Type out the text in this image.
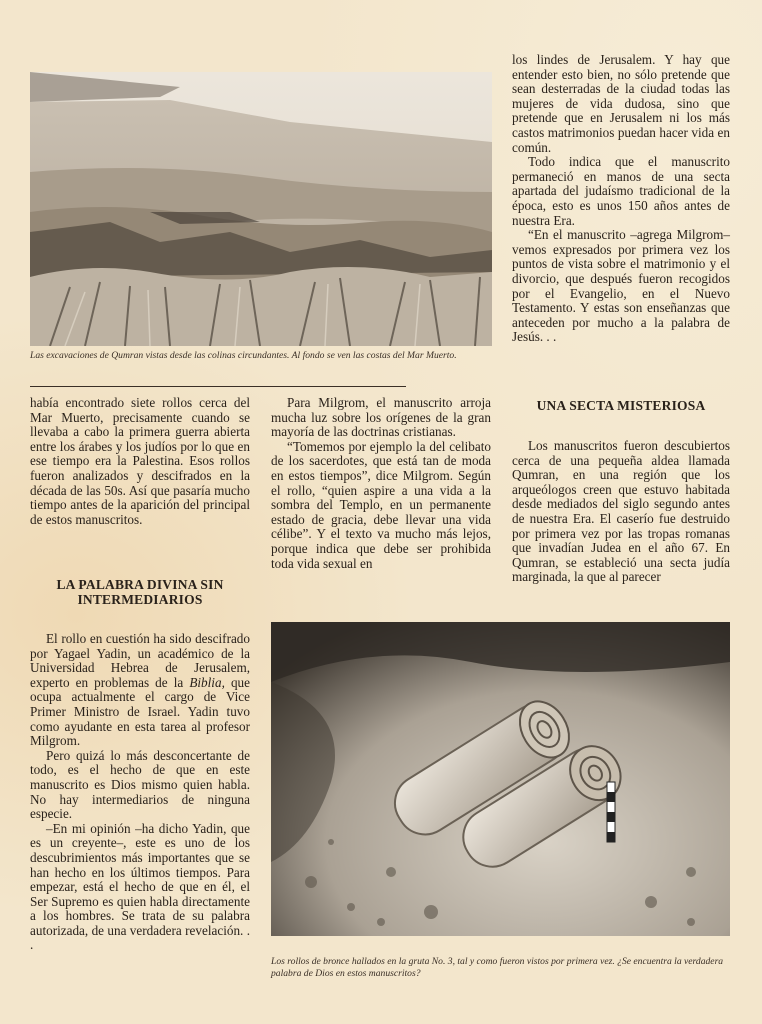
Las excavaciones de Qumran vistas desde las colinas circundantes. Al fondo se ven las costas del Mar Muerto.

los lindes de Jerusalem. Y hay que entender esto bien, no sólo pretende que sean desterradas de la ciudad todas las mujeres de vida dudosa, sino que pretende que en Jerusalem ni los más castos matrimonios puedan hacer vida en común.

Todo indica que el manuscrito permaneció en manos de una secta apartada del judaísmo tradicional de la época, esto es unos 150 años antes de nuestra Era.

“En el manuscrito –agrega Milgrom– vemos expresados por primera vez los puntos de vista sobre el matrimonio y el divorcio, que después fueron recogidos por el Evangelio, en el Nuevo Testamento. Y estas son enseñanzas que anteceden por mucho a la palabra de Jesús. . .

había encontrado siete rollos cerca del Mar Muerto, precisamente cuando se llevaba a cabo la primera guerra abierta entre los árabes y los judíos por lo que en ese tiempo era la Palestina. Esos rollos fueron analizados y descifrados en la década de las 50s. Así que pasaría mucho tiempo antes de la aparición del principal de estos manuscritos.

LA PALABRA DIVINA SIN INTERMEDIARIOS

El rollo en cuestión ha sido descifrado por Yagael Yadin, un académico de la Universidad Hebrea de Jerusalem, experto en problemas de la Biblia, que ocupa actualmente el cargo de Vice Primer Ministro de Israel. Yadin tuvo como ayudante en esta tarea al profesor Milgrom.

Pero quizá lo más desconcertante de todo, es el hecho de que en este manuscrito es Dios mismo quien habla. No hay intermediarios de ninguna especie.

–En mi opinión –ha dicho Yadin, que es un creyente–, este es uno de los descubrimientos más importantes que se han hecho en los últimos tiempos. Para empezar, está el hecho de que en él, el Ser Supremo es quien habla directamente a los hombres. Se trata de su palabra autorizada, de una verdadera revelación. . .

Para Milgrom, el manuscrito arroja mucha luz sobre los orígenes de la gran mayoría de las doctrinas cristianas.

“Tomemos por ejemplo la del celibato de los sacerdotes, que está tan de moda en estos tiempos”, dice Milgrom. Según el rollo, “quien aspire a una vida a la sombra del Templo, en un permanente estado de gracia, debe llevar una vida célibe”. Y el texto va mucho más lejos, porque indica que debe ser prohibida toda vida sexual en

UNA SECTA MISTERIOSA

Los manuscritos fueron descubiertos cerca de una pequeña aldea llamada Qumran, en una región que los arqueólogos creen que estuvo habitada desde mediados del siglo segundo antes de nuestra Era. El caserío fue destruido por primera vez por las tropas romanas que invadían Judea en el año 67. En Qumran, se estableció una secta judía marginada, la que al parecer

Los rollos de bronce hallados en la gruta No. 3, tal y como fueron vistos por primera vez. ¿Se encuentra la verdadera palabra de Dios en estos manuscritos?
